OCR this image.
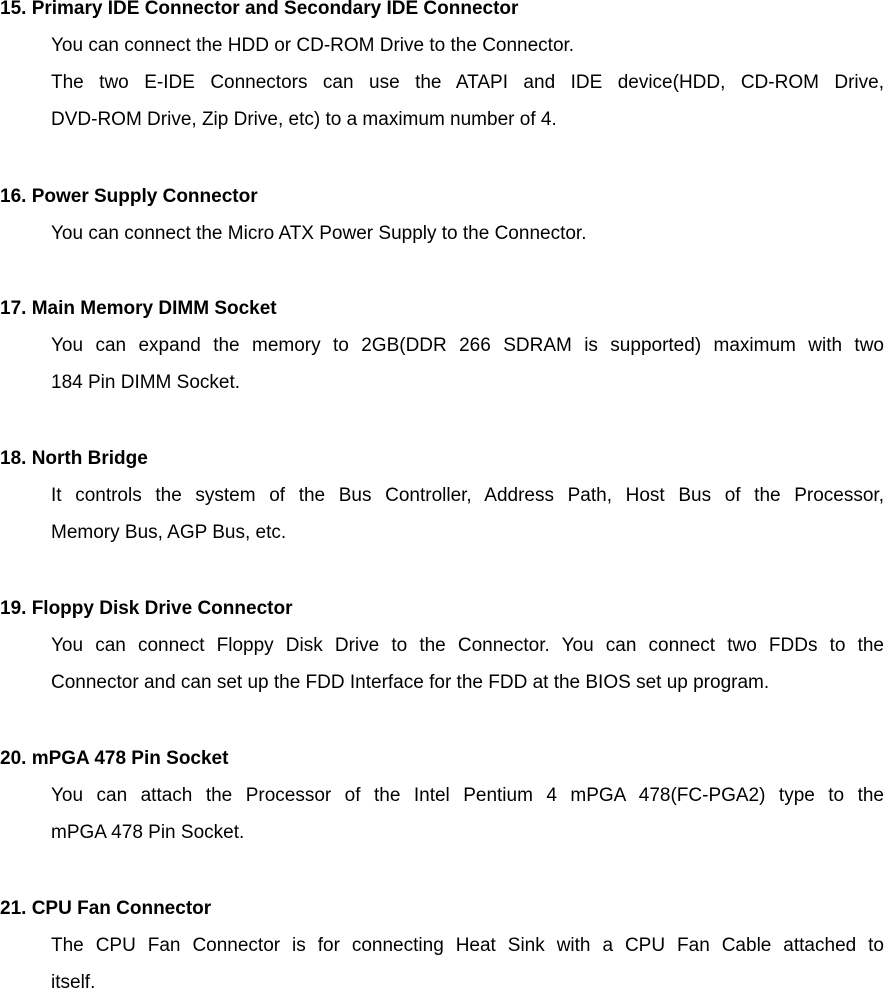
15. Primary IDE Connector and Secondary IDE Connector
You can connect the HDD or CD-ROM Drive to the Connector.
The two E-IDE Connectors can use the ATAPI and IDE device(HDD, CD-ROM Drive,
DVD-ROM Drive, Zip Drive, etc) to a maximum number of 4.
16. Power Supply Connector
You can connect the Micro ATX Power Supply to the Connector.
17. Main Memory DIMM Socket
You can expand the memory to 2GB(DDR 266 SDRAM is supported) maximum with two
184 Pin DIMM Socket.
18. North Bridge
It controls the system of the Bus Controller, Address Path, Host Bus of the Processor,
Memory Bus, AGP Bus, etc.
19. Floppy Disk Drive Connector
You can connect Floppy Disk Drive to the Connector. You can connect two FDDs to the
Connector and can set up the FDD Interface for the FDD at the BIOS set up program.
20. mPGA 478 Pin Socket
You can attach the Processor of the Intel Pentium 4 mPGA 478(FC-PGA2) type to the
mPGA 478 Pin Socket.
21. CPU Fan Connector
The CPU Fan Connector is for connecting Heat Sink with a CPU Fan Cable attached to
itself.
